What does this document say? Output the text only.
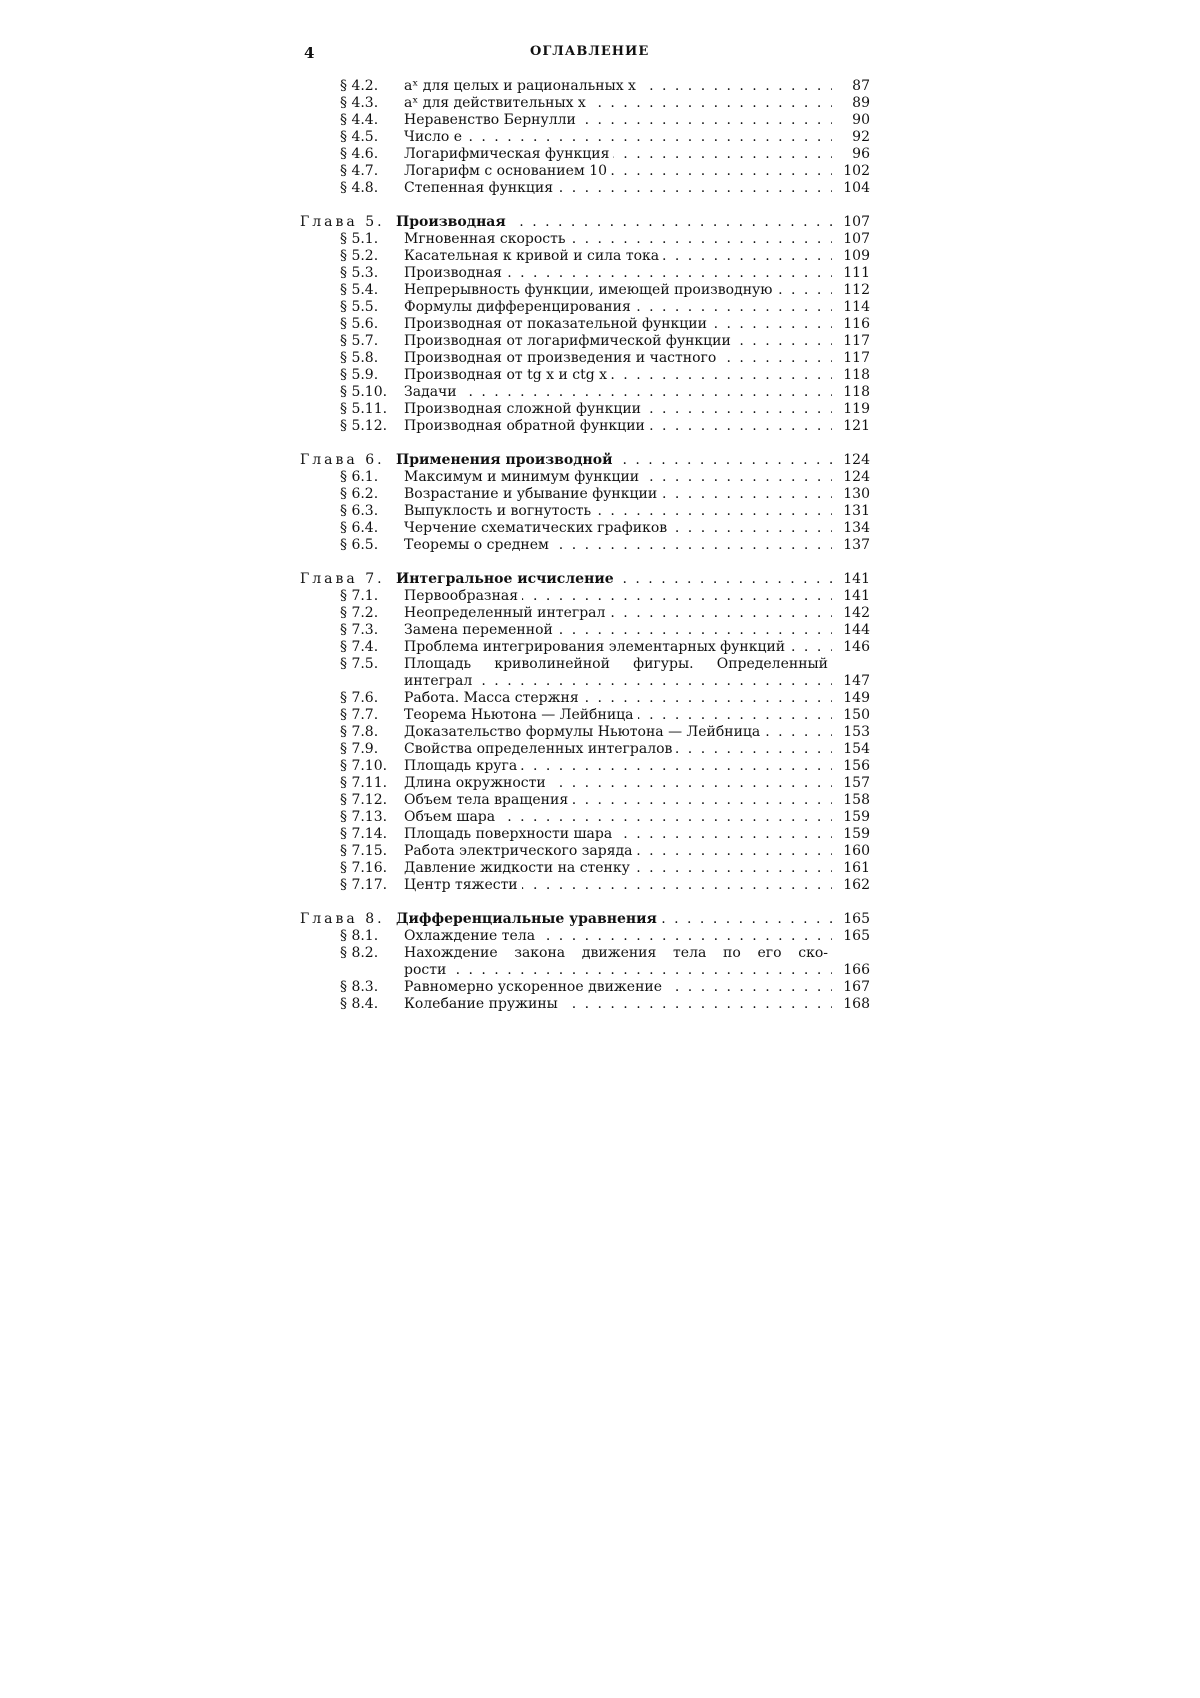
4	ОГЛАВЛЕНИЕ
§ 4.2.	aˣ для целых и рациональных x . . .	87
§ 4.3.	aˣ для действительных x . . .	89
§ 4.4.	Неравенство Бернулли . . .	90
§ 4.5.	Число e . . .	92
§ 4.6.	Логарифмическая функция . . .	96
§ 4.7.	Логарифм с основанием 10 . . .	102
§ 4.8.	Степенная функция . . .	104
Глава 5. Производная . . .	107
§ 5.1.	Мгновенная скорость . . .	107
§ 5.2.	Касательная к кривой и сила тока . . .	109
§ 5.3.	Производная . . .	111
§ 5.4.	Непрерывность функции, имеющей производную . . .	112
§ 5.5.	Формулы дифференцирования . . .	114
§ 5.6.	Производная от показательной функции . . .	116
§ 5.7.	Производная от логарифмической функции . . .	117
§ 5.8.	Производная от произведения и частного . . .	117
§ 5.9.	Производная от tg x и ctg x . . .	118
§ 5.10.	Задачи . . .	118
§ 5.11.	Производная сложной функции . . .	119
§ 5.12.	Производная обратной функции . . .	121
Глава 6. Применения производной . . .	124
§ 6.1.	Максимум и минимум функции . . .	124
§ 6.2.	Возрастание и убывание функции . . .	130
§ 6.3.	Выпуклость и вогнутость . . .	131
§ 6.4.	Черчение схематических графиков . . .	134
§ 6.5.	Теоремы о среднем . . .	137
Глава 7. Интегральное исчисление . . .	141
§ 7.1.	Первообразная . . .	141
§ 7.2.	Неопределенный интеграл . . .	142
§ 7.3.	Замена переменной . . .	144
§ 7.4.	Проблема интегрирования элементарных функций . . .	146
§ 7.5.	Площадь криволинейной фигуры. Определенный
интеграл . . .	147
§ 7.6.	Работа. Масса стержня . . .	149
§ 7.7.	Теорема Ньютона — Лейбница . . .	150
§ 7.8.	Доказательство формулы Ньютона — Лейбница . . .	153
§ 7.9.	Свойства определенных интегралов . . .	154
§ 7.10.	Площадь круга . . .	156
§ 7.11.	Длина окружности . . .	157
§ 7.12.	Объем тела вращения . . .	158
§ 7.13.	Объем шара . . .	159
§ 7.14.	Площадь поверхности шара . . .	159
§ 7.15.	Работа электрического заряда . . .	160
§ 7.16.	Давление жидкости на стенку . . .	161
§ 7.17.	Центр тяжести . . .	162
Глава 8. Дифференциальные уравнения . . .	165
§ 8.1.	Охлаждение тела . . .	165
§ 8.2.	Нахождение закона движения тела по его ско-
рости . . .	166
§ 8.3.	Равномерно ускоренное движение . . .	167
§ 8.4.	Колебание пружины . . .	168
